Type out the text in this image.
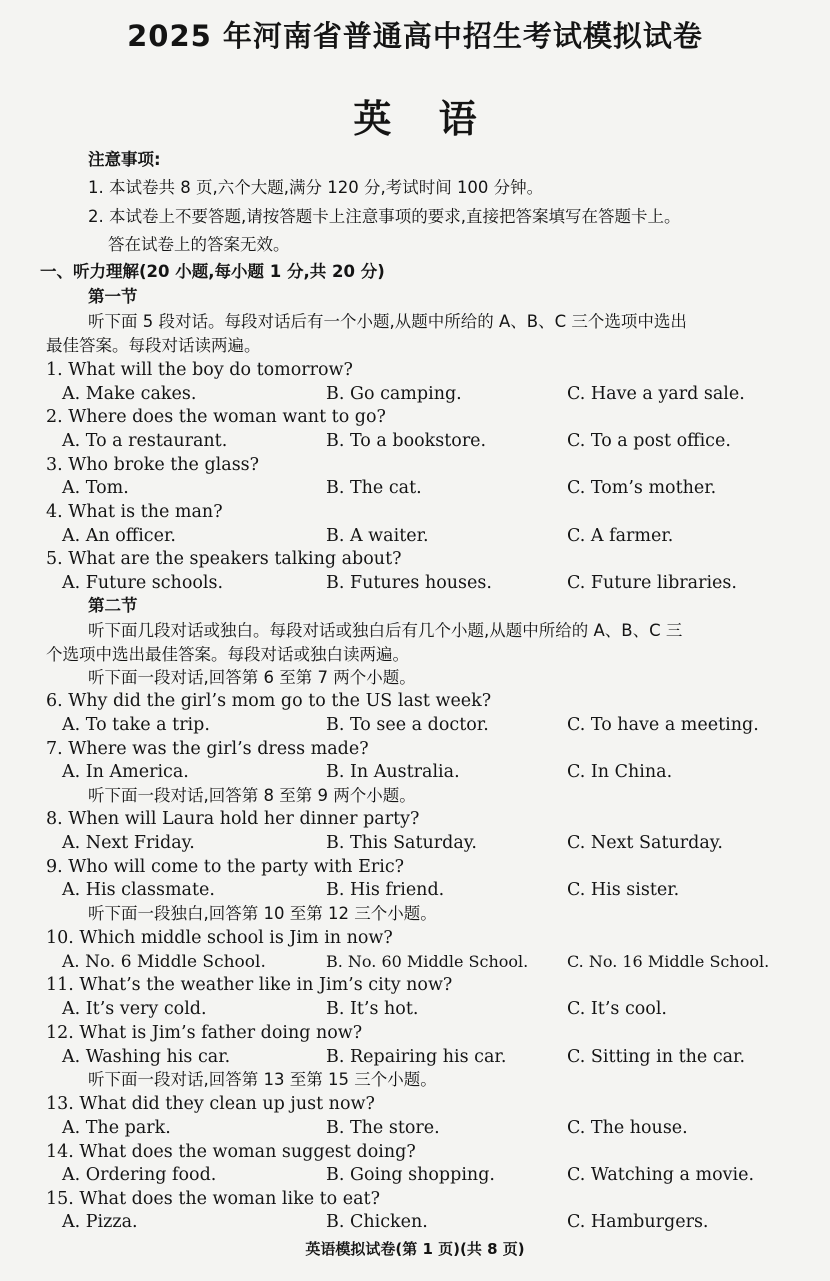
2025 年河南省普通高中招生考试模拟试卷
英 语
注意事项:
1. 本试卷共 8 页,六个大题,满分 120 分,考试时间 100 分钟。
2. 本试卷上不要答题,请按答题卡上注意事项的要求,直接把答案填写在答题卡上。
答在试卷上的答案无效。
一、听力理解(20 小题,每小题 1 分,共 20 分)
第一节
听下面 5 段对话。每段对话后有一个小题,从题中所给的 A、B、C 三个选项中选出
最佳答案。每段对话读两遍。
1. What will the boy do tomorrow?
A. Make cakes.	B. Go camping.	C. Have a yard sale.
2. Where does the woman want to go?
A. To a restaurant.	B. To a bookstore.	C. To a post office.
3. Who broke the glass?
A. Tom.	B. The cat.	C. Tom’s mother.
4. What is the man?
A. An officer.	B. A waiter.	C. A farmer.
5. What are the speakers talking about?
A. Future schools.	B. Futures houses.	C. Future libraries.
第二节
听下面几段对话或独白。每段对话或独白后有几个小题,从题中所给的 A、B、C 三
个选项中选出最佳答案。每段对话或独白读两遍。
听下面一段对话,回答第 6 至第 7 两个小题。
6. Why did the girl’s mom go to the US last week?
A. To take a trip.	B. To see a doctor.	C. To have a meeting.
7. Where was the girl’s dress made?
A. In America.	B. In Australia.	C. In China.
听下面一段对话,回答第 8 至第 9 两个小题。
8. When will Laura hold her dinner party?
A. Next Friday.	B. This Saturday.	C. Next Saturday.
9. Who will come to the party with Eric?
A. His classmate.	B. His friend.	C. His sister.
听下面一段独白,回答第 10 至第 12 三个小题。
10. Which middle school is Jim in now?
A. No. 6 Middle School.	B. No. 60 Middle School. C. No. 16 Middle School.
11. What’s the weather like in Jim’s city now?
A. It’s very cold.	B. It’s hot.	C. It’s cool.
12. What is Jim’s father doing now?
A. Washing his car.	B. Repairing his car.	C. Sitting in the car.
听下面一段对话,回答第 13 至第 15 三个小题。
13. What did they clean up just now?
A. The park.	B. The store.	C. The house.
14. What does the woman suggest doing?
A. Ordering food.	B. Going shopping.	C. Watching a movie.
15. What does the woman like to eat?
A. Pizza.	B. Chicken.	C. Hamburgers.
英语模拟试卷(第 1 页)(共 8 页)
